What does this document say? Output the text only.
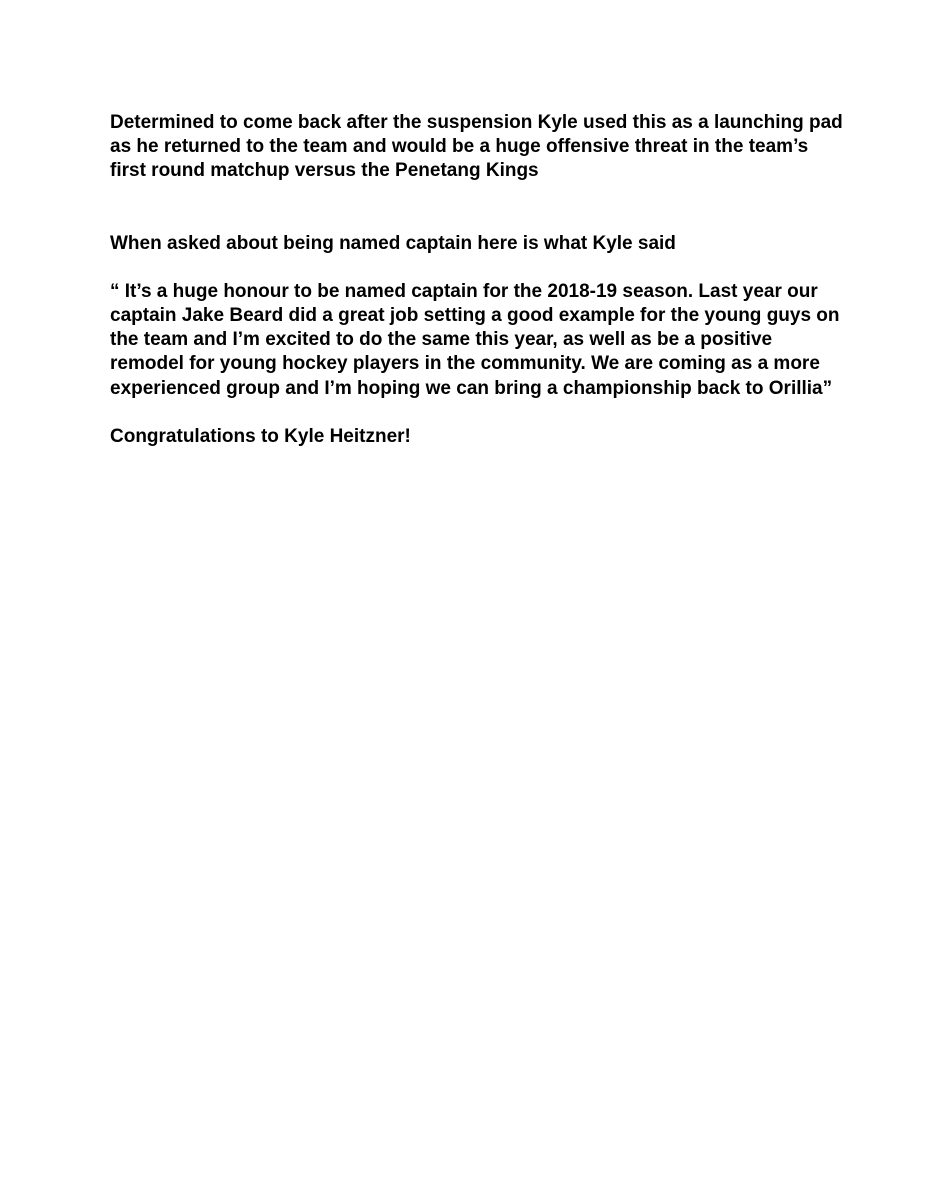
Determined to come back after the suspension Kyle used this as a launching pad
as he returned to the team and would be a huge offensive threat in the team’s
first round matchup versus the Penetang Kings

When asked about being named captain here is what Kyle said

“ It’s a huge honour to be named captain for the 2018-19 season. Last year our
captain Jake Beard did a great job setting a good example for the young guys on
the team and I’m excited to do the same this year, as well as be a positive
remodel for young hockey players in the community. We are coming as a more
experienced group and I’m hoping we can bring a championship back to Orillia”

Congratulations to Kyle Heitzner!
